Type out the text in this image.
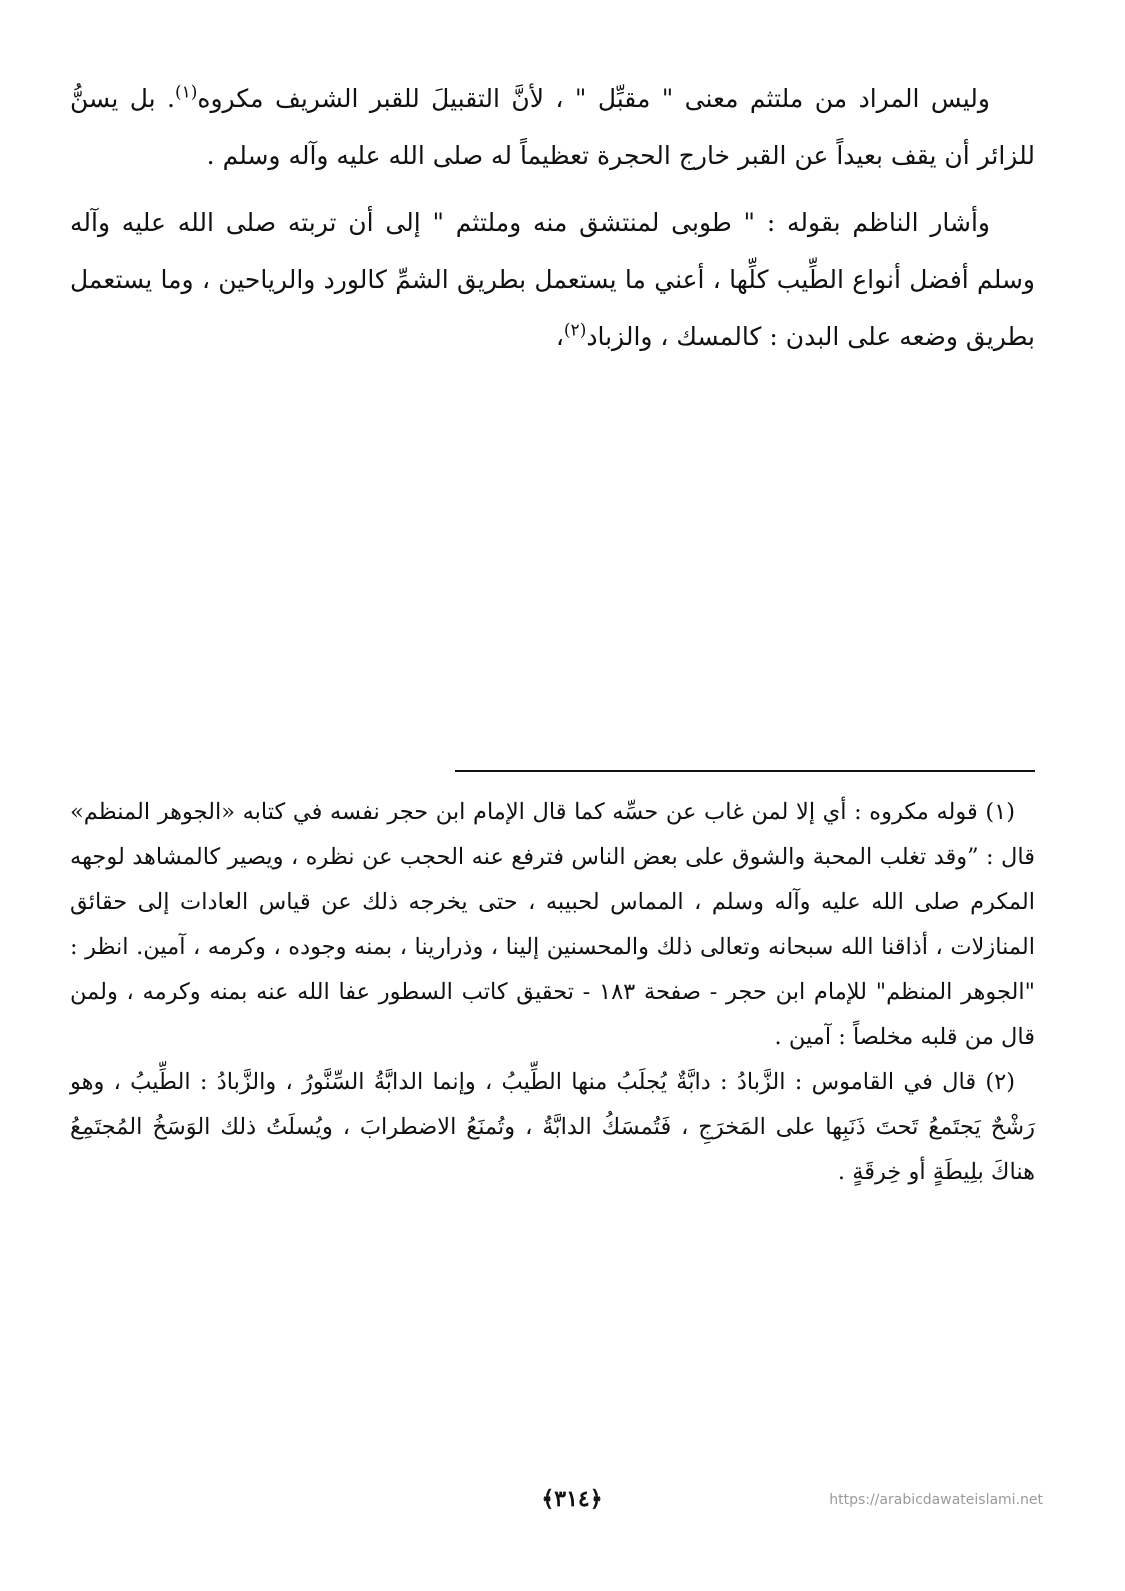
وليس المراد من ملتثم معنى " مقبِّل " ، لأنَّ التقبيلَ للقبر الشريف مكروه$^{(١)}$. بل يسنُّ للزائر أن يقف بعيداً عن القبر خارج الحجرة تعظيماً له صلى الله عليه وآله وسلم .

وأشار الناظم بقوله : " طوبى لمنتشق منه وملتثم " إلى أن تربته صلى الله عليه وآله وسلم أفضل أنواع الطِّيب كلِّها ، أعني ما يستعمل بطريق الشمِّ كالورد والرياحين ، وما يستعمل بطريق وضعه على البدن : كالمسك ، والزباد$^{(٢)}$،

(١) قوله مكروه : أي إلا لمن غاب عن حسِّه كما قال الإمام ابن حجر نفسه في كتابه «الجوهر المنظم» قال : ”وقد تغلب المحبة والشوق على بعض الناس فترفع عنه الحجب عن نظره ، ويصير كالمشاهد لوجهه المكرم صلى الله عليه وآله وسلم ، المماس لحبيبه ، حتى يخرجه ذلك عن قياس العادات إلى حقائق المنازلات ، أذاقنا الله سبحانه وتعالى ذلك والمحسنين إلينا ، وذرارينا ، بمنه وجوده ، وكرمه ، آمين. انظر : "الجوهر المنظم" للإمام ابن حجر - صفحة ١٨٣ - تحقيق كاتب السطور عفا الله عنه بمنه وكرمه ، ولمن قال من قلبه مخلصاً : آمين .

(٢) قال في القاموس : الزَّبادُ : دابَّةٌ يُجلَبُ منها الطِّيبُ ، وإنما الدابَّةُ السِّنَّورُ ، والزَّبادُ : الطِّيبُ ، وهو رَشْحٌ يَجتَمعُ تَحتَ ذَنَبِها على المَخرَجِ ، فَتُمسَكُ الدابَّةُ ، وتُمنَعُ الاضطرابَ ، ويُسلَتُ ذلك الوَسَخُ المُجتَمِعُ هناكَ بلِيطَةٍ أو خِرقَةٍ .

﴿٣١٤﴾	https://arabicdawateislami.net
